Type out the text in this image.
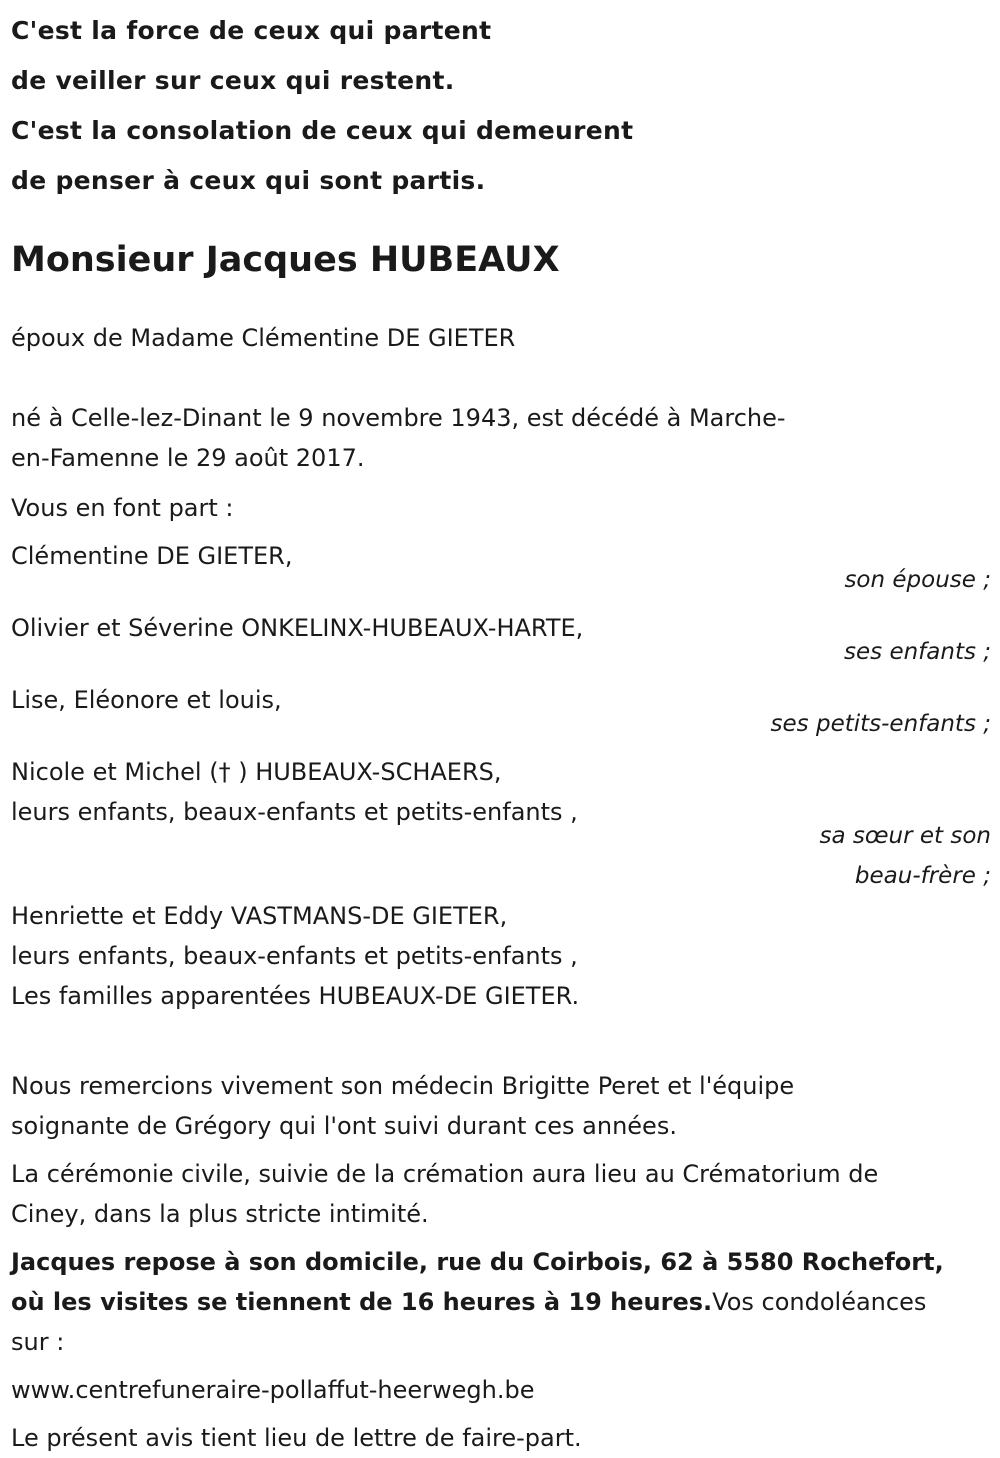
C'est la force de ceux qui partent
de veiller sur ceux qui restent.
C'est la consolation de ceux qui demeurent
de penser à ceux qui sont partis.
Monsieur Jacques HUBEAUX

époux de Madame Clémentine DE GIETER

né à Celle-lez-Dinant le 9 novembre 1943, est décédé à Marche-

en-Famenne le 29 août 2017.

Vous en font part :

Clémentine DE GIETER,

son épouse ;

Olivier et Séverine ONKELINX-HUBEAUX-HARTE,

ses enfants ;

Lise, Eléonore et louis,

ses petits-enfants ;

Nicole et Michel († ) HUBEAUX-SCHAERS,

leurs enfants, beaux-enfants et petits-enfants ,

sa sœur et son
beau-frère ;

Henriette et Eddy VASTMANS-DE GIETER,

leurs enfants, beaux-enfants et petits-enfants ,

Les familles apparentées HUBEAUX-DE GIETER.

Nous remercions vivement son médecin Brigitte Peret et l'équipe

soignante de Grégory qui l'ont suivi durant ces années.

La cérémonie civile, suivie de la crémation aura lieu au Crématorium de

Ciney, dans la plus stricte intimité.

Jacques repose à son domicile, rue du Coirbois, 62 à 5580 Rochefort,

où les visites se tiennent de 16 heures à 19 heures.Vos condoléances

sur :

www.centrefuneraire-pollaffut-heerwegh.be

Le présent avis tient lieu de lettre de faire-part.
